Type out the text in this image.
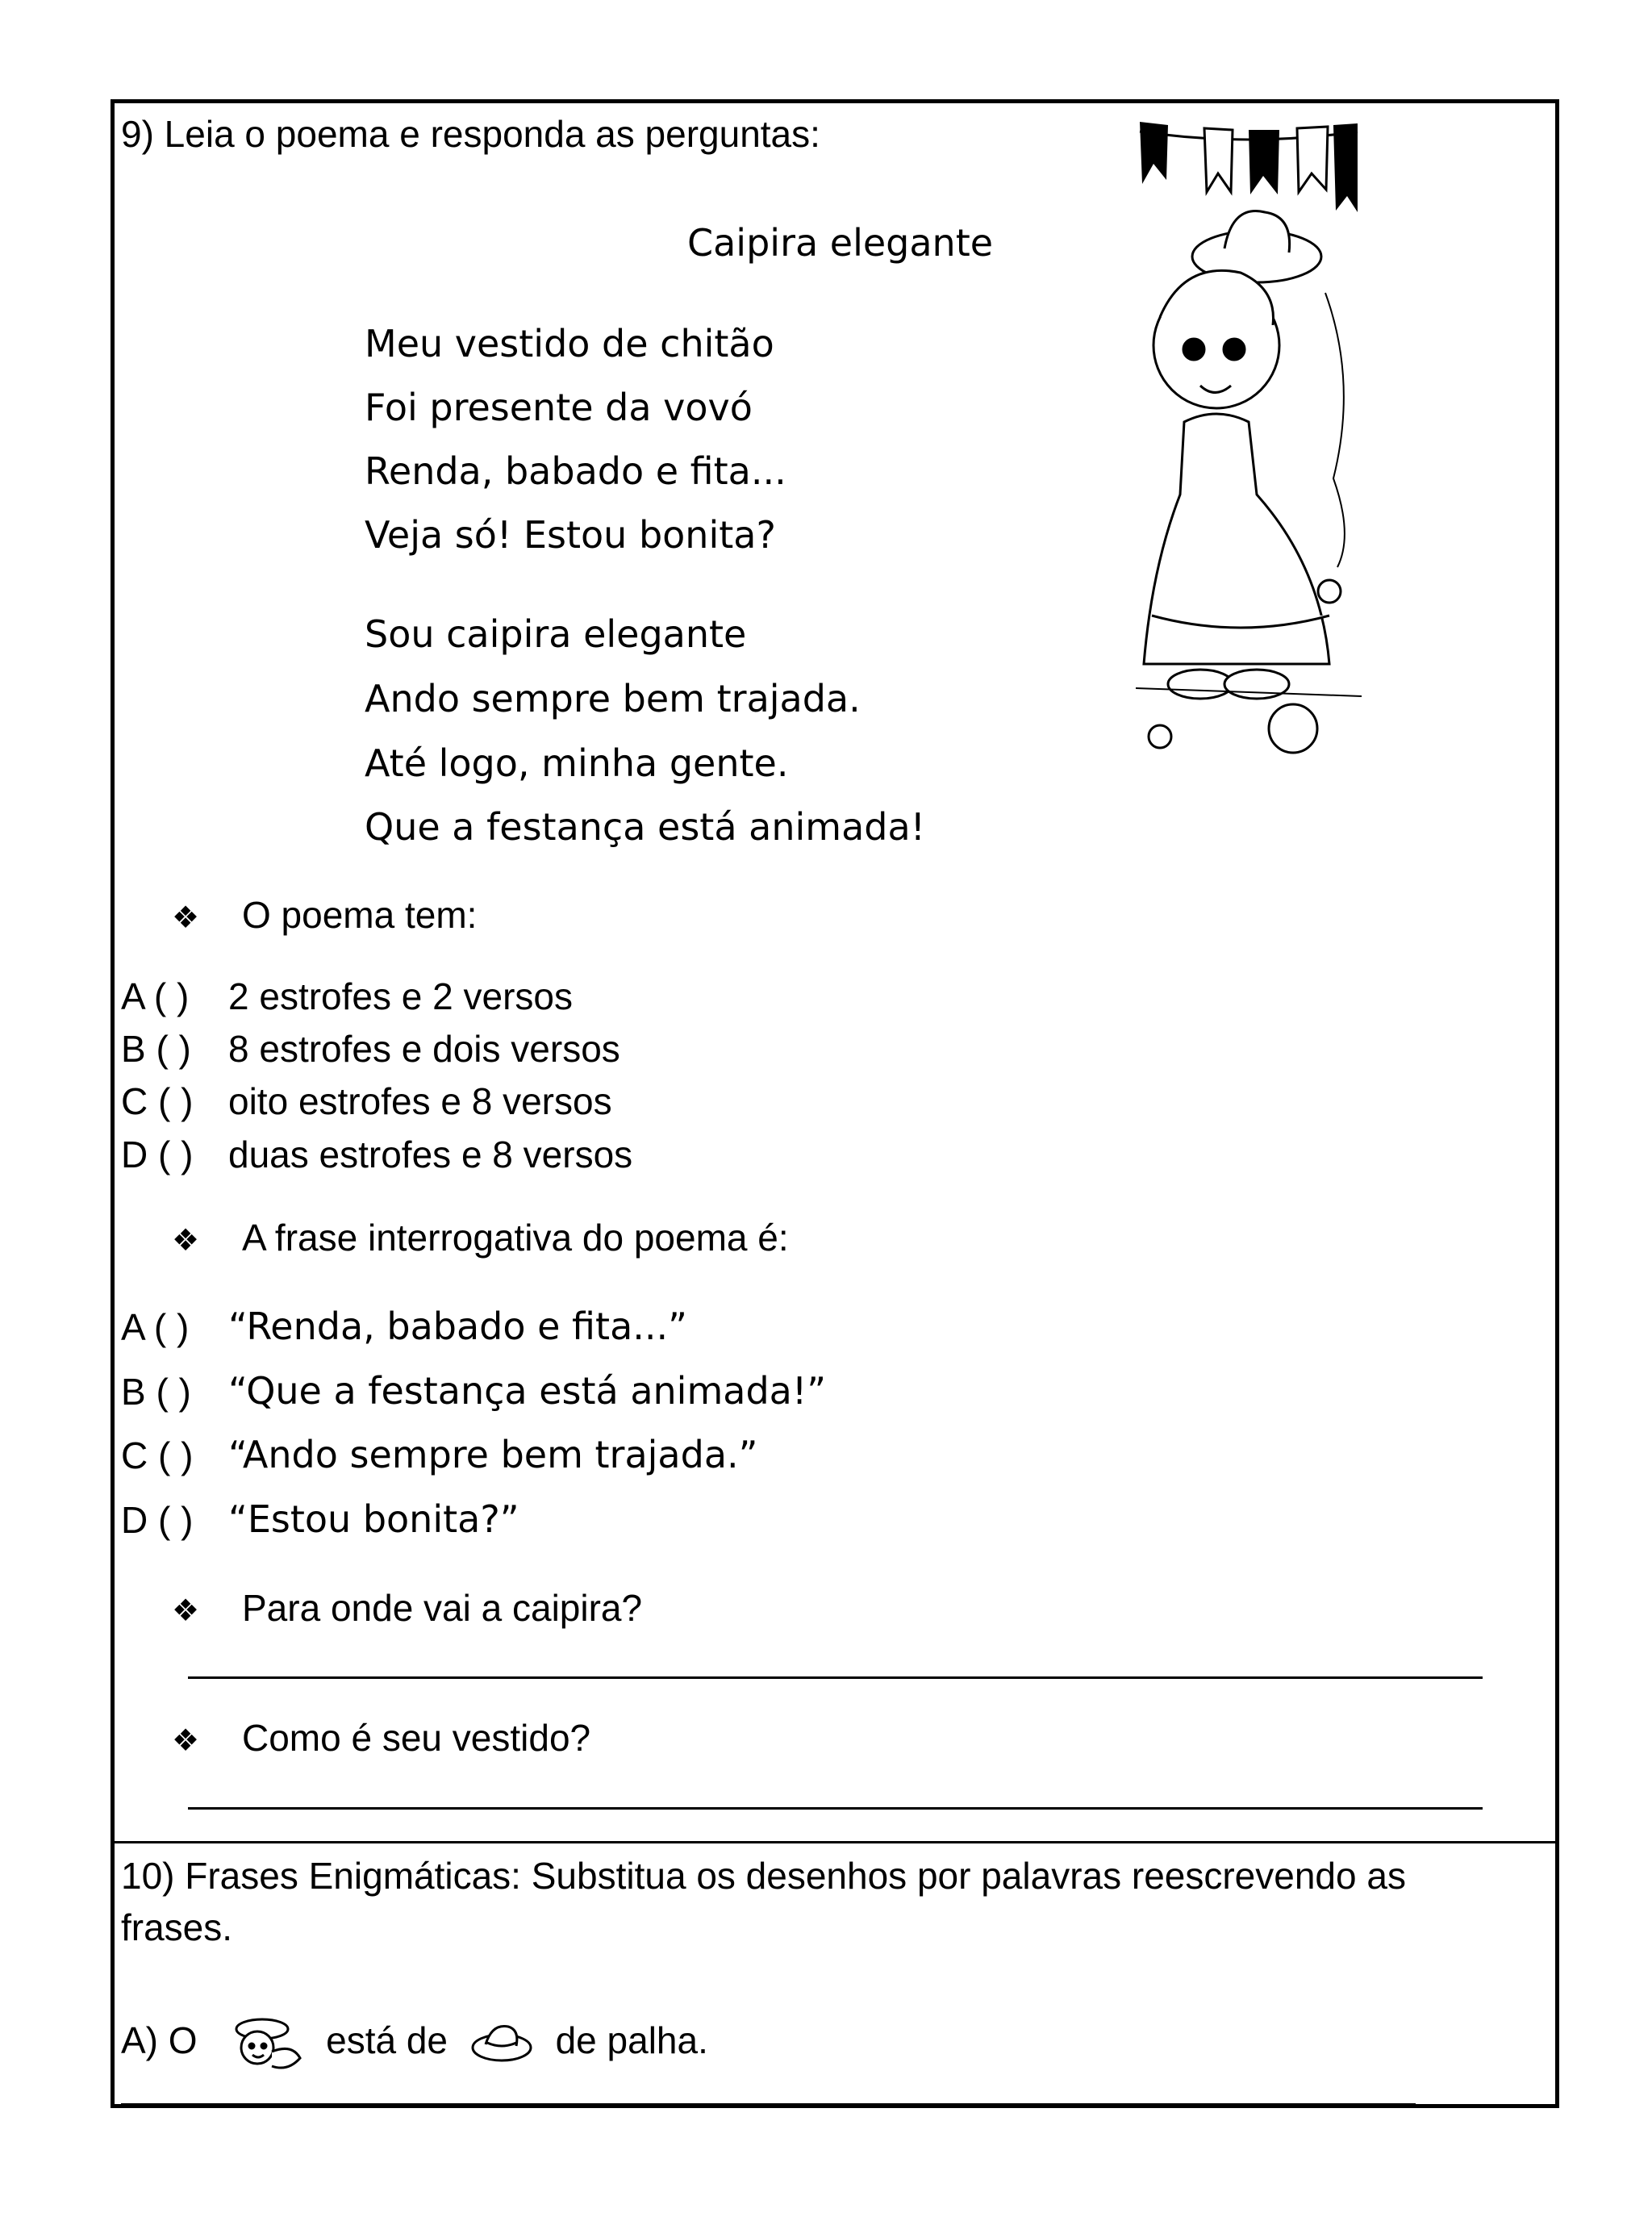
9) Leia o poema e responda as perguntas:
Caipira elegante
Meu vestido de chitão
Foi presente da vovó
Renda, babado e fita...
Veja só! Estou bonita?
Sou caipira elegante
Ando sempre bem trajada.
Até logo, minha gente.
Que a festança está animada!
❖ O poema tem:
A ( ) 2 estrofes e 2 versos
B ( ) 8 estrofes e dois versos
C ( ) oito estrofes e 8 versos
D ( ) duas estrofes e 8 versos
❖ A frase interrogativa do poema é:
A ( ) “Renda, babado e fita...”
B ( ) “Que a festança está animada!”
C ( ) “Ando sempre bem trajada.”
D ( ) “Estou bonita?”
❖ Para onde vai a caipira?
❖ Como é seu vestido?
10) Frases Enigmáticas: Substitua os desenhos por palavras reescrevendo as
frases.
A) O	está de	de palha.
